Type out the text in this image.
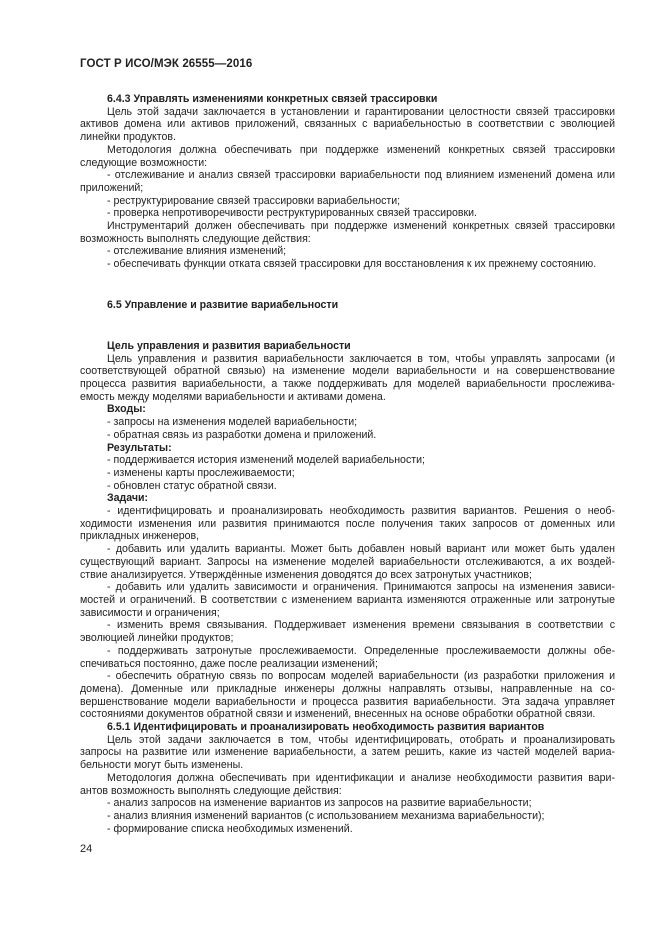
ГОСТ Р ИСО/МЭК 26555—2016

6.4.3 Управлять изменениями конкретных связей трассировки

Цель этой задачи заключается в установлении и гарантировании целостности связей трассировки активов домена или активов приложений, связанных с вариабельностью в соответствии с эволюцией линейки продуктов.

Методология должна обеспечивать при поддержке изменений конкретных связей трассировки следующие возможности:

- отслеживание и анализ связей трассировки вариабельности под влиянием изменений домена или приложений;

- реструктурирование связей трассировки вариабельности;

- проверка непротиворечивости реструктурированных связей трассировки.

Инструментарий должен обеспечивать при поддержке изменений конкретных связей трассировки возможность выполнять следующие действия:

- отслеживание влияния изменений;

- обеспечивать функции отката связей трассировки для восстановления к их прежнему состоянию.

6.5 Управление и развитие вариабельности

Цель управления и развития вариабельности

Цель управления и развития вариабельности заключается в том, чтобы управлять запросами (и соответствующей обратной связью) на изменение модели вариабельности и на совершенствование процесса развития вариабельности, а также поддерживать для моделей вариабельности прослежива-емость между моделями вариабельности и активами домена.

Входы:

- запросы на изменения моделей вариабельности;

- обратная связь из разработки домена и приложений.

Результаты:

- поддерживается история изменений моделей вариабельности;

- изменены карты прослеживаемости;

- обновлен статус обратной связи.

Задачи:

- идентифицировать и проанализировать необходимость развития вариантов. Решения о необ-ходимости изменения или развития принимаются после получения таких запросов от доменных или прикладных инженеров,

- добавить или удалить варианты. Может быть добавлен новый вариант или может быть удален существующий вариант. Запросы на изменение моделей вариабельности отслеживаются, а их воздей-ствие анализируется. Утверждённые изменения доводятся до всех затронутых участников;

- добавить или удалить зависимости и ограничения. Принимаются запросы на изменения зависи-мостей и ограничений. В соответствии с изменением варианта изменяются отраженные или затронутые зависимости и ограничения;

- изменить время связывания. Поддерживает изменения времени связывания в соответствии с эволюцией линейки продуктов;

- поддерживать затронутые прослеживаемости. Определенные прослеживаемости должны обе-спечиваться постоянно, даже после реализации изменений;

- обеспечить обратную связь по вопросам моделей вариабельности (из разработки приложения и домена). Доменные или прикладные инженеры должны направлять отзывы, направленные на со-вершенствование модели вариабельности и процесса развития вариабельности. Эта задача управляет состояниями документов обратной связи и изменений, внесенных на основе обработки обратной связи.

6.5.1 Идентифицировать и проанализировать необходимость развития вариантов

Цель этой задачи заключается в том, чтобы идентифицировать, отобрать и проанализировать запросы на развитие или изменение вариабельности, а затем решить, какие из частей моделей вариа-бельности могут быть изменены.

Методология должна обеспечивать при идентификации и анализе необходимости развития вари-антов возможность выполнять следующие действия:

- анализ запросов на изменение вариантов из запросов на развитие вариабельности;

- анализ влияния изменений вариантов (с использованием механизма вариабельности);

- формирование списка необходимых изменений.

24
